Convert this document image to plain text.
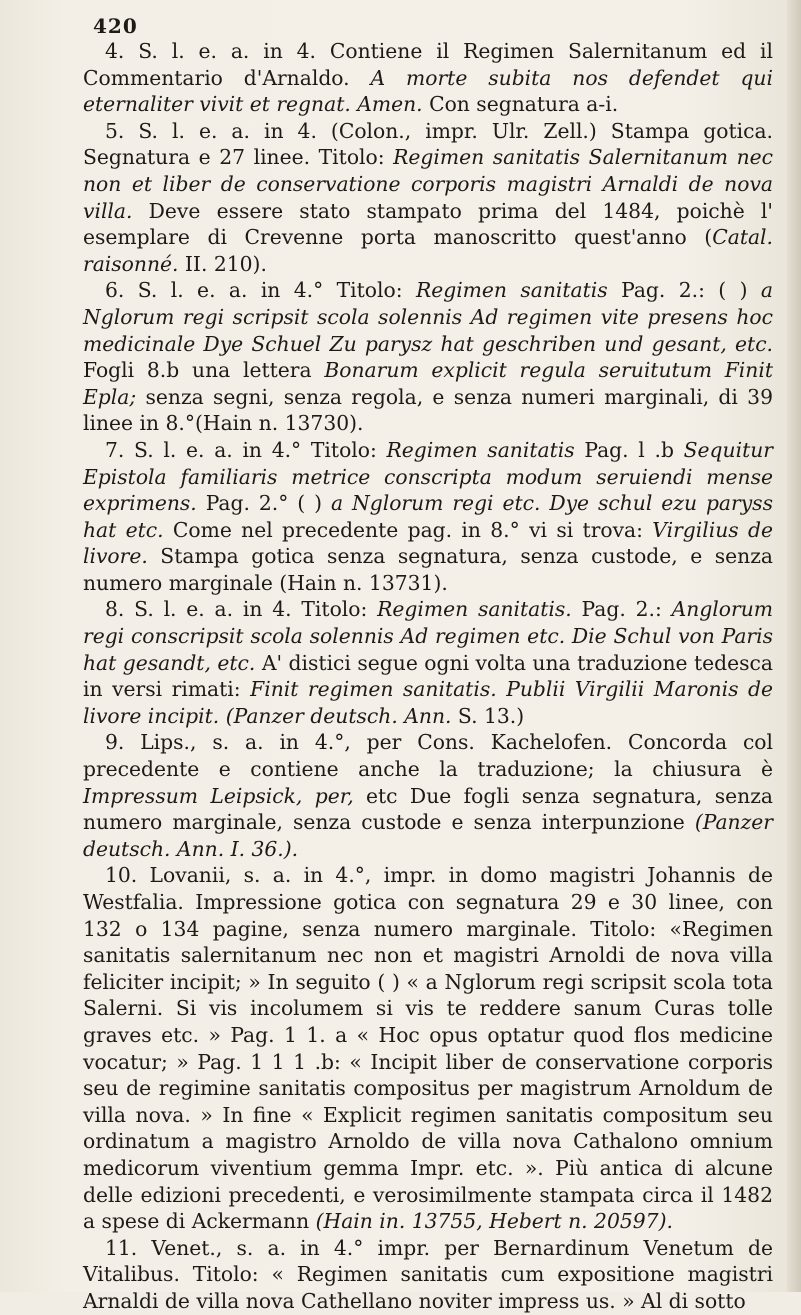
420

4. S. l. e. a. in 4. Contiene il Regimen Salernitanum ed il Commentario d'Arnaldo. A morte subita nos defendet qui eternaliter vivit et regnat. Amen. Con segnatura a-i.

5. S. l. e. a. in 4. (Colon., impr. Ulr. Zell.) Stampa gotica. Segnatura e 27 linee. Titolo: Regimen sanitatis Salernitanum nec non et liber de conservatione corporis magistri Arnaldi de nova villa. Deve essere stato stampato prima del 1484, poichè l' esemplare di Crevenne porta manoscritto quest'anno (Catal. raisonné. II. 210).

6. S. l. e. a. in 4.° Titolo: Regimen sanitatis Pag. 2.: ( ) a Nglorum regi scripsit scola solennis Ad regimen vite presens hoc medicinale Dye Schuel Zu parysz hat geschriben und gesant, etc. Fogli 8.b una lettera Bonarum explicit regula seruitutum Finit Epla; senza segni, senza regola, e senza numeri marginali, di 39 linee in 8.°(Hain n. 13730).

7. S. l. e. a. in 4.° Titolo: Regimen sanitatis Pag. l .b Sequitur Epistola familiaris metrice conscripta modum seruiendi mense exprimens. Pag. 2.° ( ) a Nglorum regi etc. Dye schul ezu paryss hat etc. Come nel precedente pag. in 8.° vi si trova: Virgilius de livore. Stampa gotica senza segnatura, senza custode, e senza numero marginale (Hain n. 13731).

8. S. l. e. a. in 4. Titolo: Regimen sanitatis. Pag. 2.: Anglorum regi conscripsit scola solennis Ad regimen etc. Die Schul von Paris hat gesandt, etc. A' distici segue ogni volta una traduzione tedesca in versi rimati: Finit regimen sanitatis. Publii Virgilii Maronis de livore incipit. (Panzer deutsch. Ann. S. 13.)

9. Lips., s. a. in 4.°, per Cons. Kachelofen. Concorda col precedente e contiene anche la traduzione; la chiusura è Impressum Leipsick, per, etc Due fogli senza segnatura, senza numero marginale, senza custode e senza interpunzione (Panzer deutsch. Ann. I. 36.).

10. Lovanii, s. a. in 4.°, impr. in domo magistri Johannis de Westfalia. Impressione gotica con segnatura 29 e 30 linee, con 132 o 134 pagine, senza numero marginale. Titolo: «Regimen sanitatis salernitanum nec non et magistri Arnoldi de nova villa feliciter incipit; » In seguito ( ) « a Nglorum regi scripsit scola tota Salerni. Si vis incolumem si vis te reddere sanum Curas tolle graves etc. » Pag. 1 1. a « Hoc opus optatur quod flos medicine vocatur; » Pag. 1 1 1 .b: « Incipit liber de conservatione corporis seu de regimine sanitatis compositus per magistrum Arnoldum de villa nova. » In fine « Explicit regimen sanitatis compositum seu ordinatum a magistro Arnoldo de villa nova Cathalono omnium medicorum viventium gemma Impr. etc. ». Più antica di alcune delle edizioni precedenti, e verosimilmente stampata circa il 1482 a spese di Ackermann (Hain in. 13755, Hebert n. 20597).

11. Venet., s. a. in 4.° impr. per Bernardinum Venetum de Vitalibus. Titolo: « Regimen sanitatis cum expositione magistri Arnaldi de villa nova Cathellano noviter impress us. » Al di sotto
